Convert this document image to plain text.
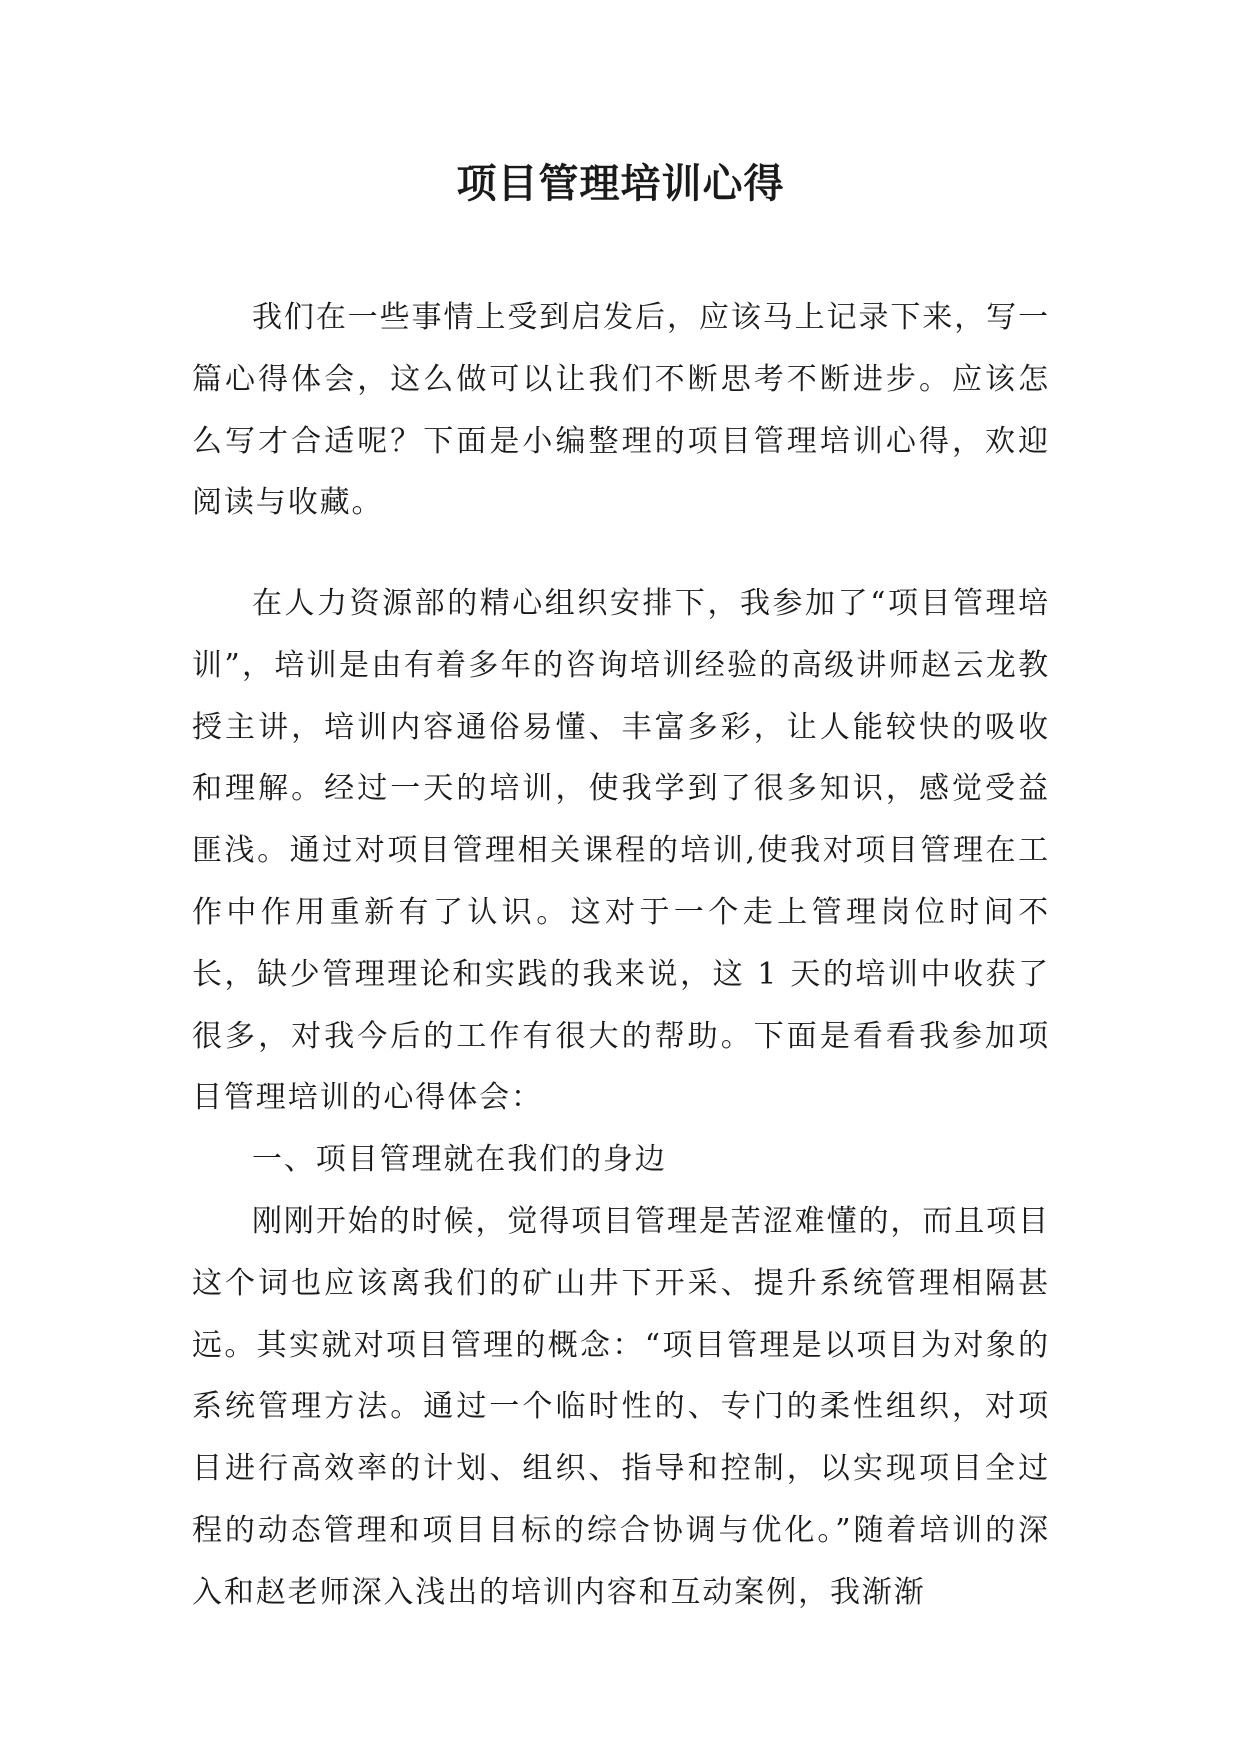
项目管理培训心得

我们在一些事情上受到启发后，应该马上记录下来，写一篇心得体会，这么做可以让我们不断思考不断进步。应该怎么写才合适呢？下面是小编整理的项目管理培训心得，欢迎阅读与收藏。

在人力资源部的精心组织安排下，我参加了“项目管理培训”，培训是由有着多年的咨询培训经验的高级讲师赵云龙教授主讲，培训内容通俗易懂、丰富多彩，让人能较快的吸收和理解。经过一天的培训，使我学到了很多知识，感觉受益匪浅。通过对项目管理相关课程的培训,使我对项目管理在工作中作用重新有了认识。这对于一个走上管理岗位时间不长，缺少管理理论和实践的我来说，这 1 天的培训中收获了很多，对我今后的工作有很大的帮助。下面是看看我参加项目管理培训的心得体会：

一、项目管理就在我们的身边

刚刚开始的时候，觉得项目管理是苦涩难懂的，而且项目这个词也应该离我们的矿山井下开采、提升系统管理相隔甚远。其实就对项目管理的概念：“项目管理是以项目为对象的系统管理方法。通过一个临时性的、专门的柔性组织，对项目进行高效率的计划、组织、指导和控制，以实现项目全过程的动态管理和项目目标的综合协调与优化。”随着培训的深入和赵老师深入浅出的培训内容和互动案例，我渐渐
